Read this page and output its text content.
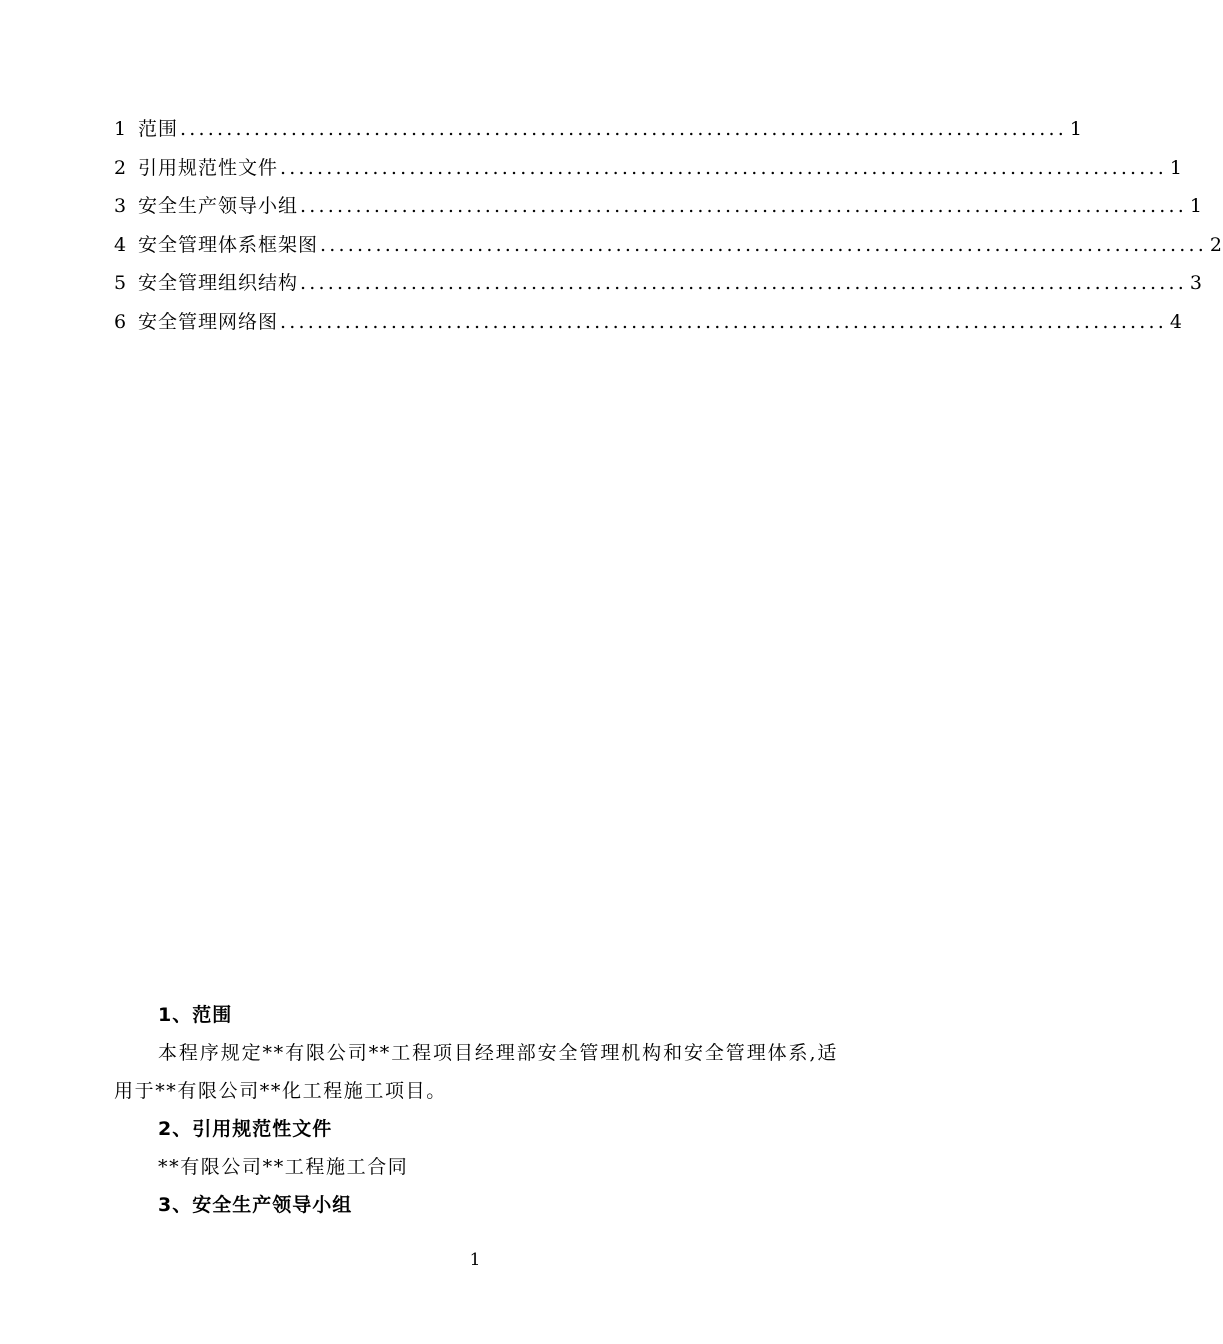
1 范围 ................................................................................................ 1
2 引用规范性文件 ................................................................................................ 1
3 安全生产领导小组 ................................................................................................ 1
4 安全管理体系框架图 ................................................................................................ 2
5 安全管理组织结构 ................................................................................................ 3
6 安全管理网络图 ................................................................................................ 4
1、范围
本程序规定**有限公司**工程项目经理部安全管理机构和安全管理体系,适用于**有限公司**化工程施工项目。
2、引用规范性文件
**有限公司**工程施工合同
3、安全生产领导小组
1
